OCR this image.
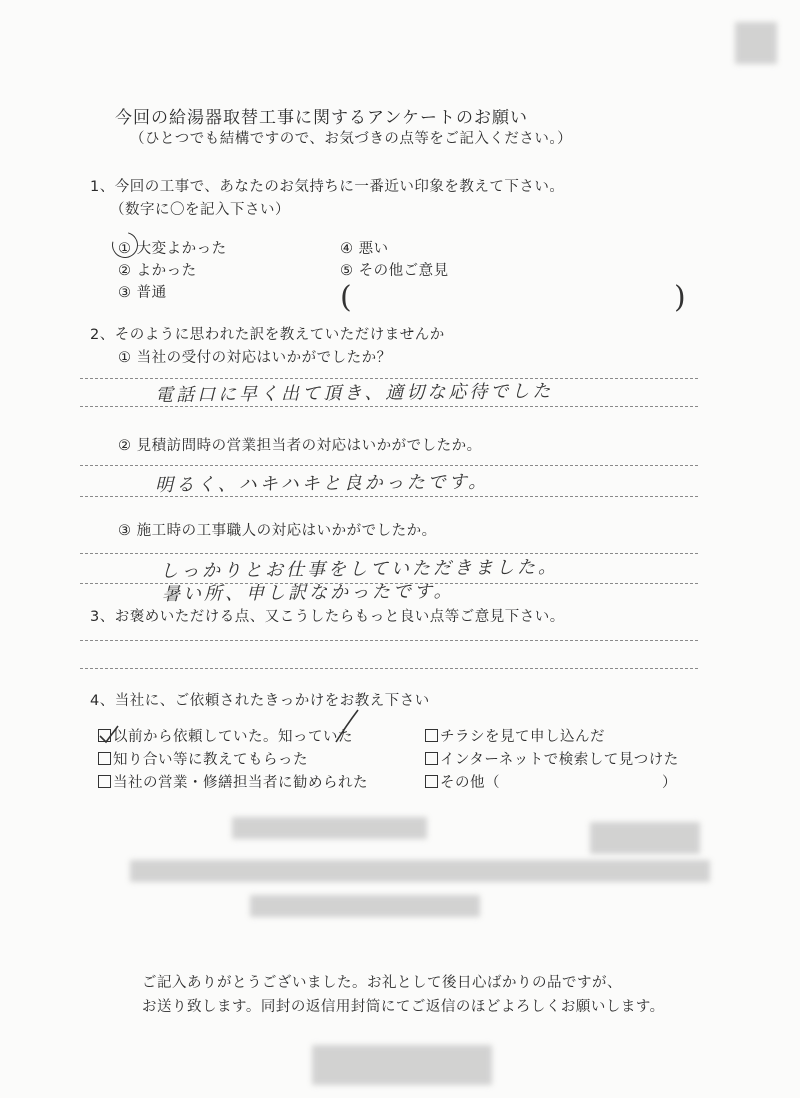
今回の給湯器取替工事に関するアンケートのお願い
（ひとつでも結構ですので、お気づきの点等をご記入ください。）
1、今回の工事で、あなたのお気持ちに一番近い印象を教えて下さい。
（数字に〇を記入下さい）
① 大変よかった
② よかった
③ 普通
④ 悪い
⑤ その他ご意見
(	)
2、そのように思われた訳を教えていただけませんか
① 当社の受付の対応はいかがでしたか？
電話口に早く出て頂き、適切な応待でした
② 見積訪問時の営業担当者の対応はいかがでしたか。
明るく、ハキハキと良かったです。
③ 施工時の工事職人の対応はいかがでしたか。
しっかりとお仕事をしていただきました。
暑い所、申し訳なかったです。
3、お褒めいただける点、又こうしたらもっと良い点等ご意見下さい。
4、当社に、ご依頼されたきっかけをお教え下さい
以前から依頼していた。知っていた
知り合い等に教えてもらった
当社の営業・修繕担当者に勧められた
チラシを見て申し込んだ
インターネットで検索して見つけた
その他（	）
ご記入ありがとうございました。お礼として後日心ばかりの品ですが、
お送り致します。同封の返信用封筒にてご返信のほどよろしくお願いします。
